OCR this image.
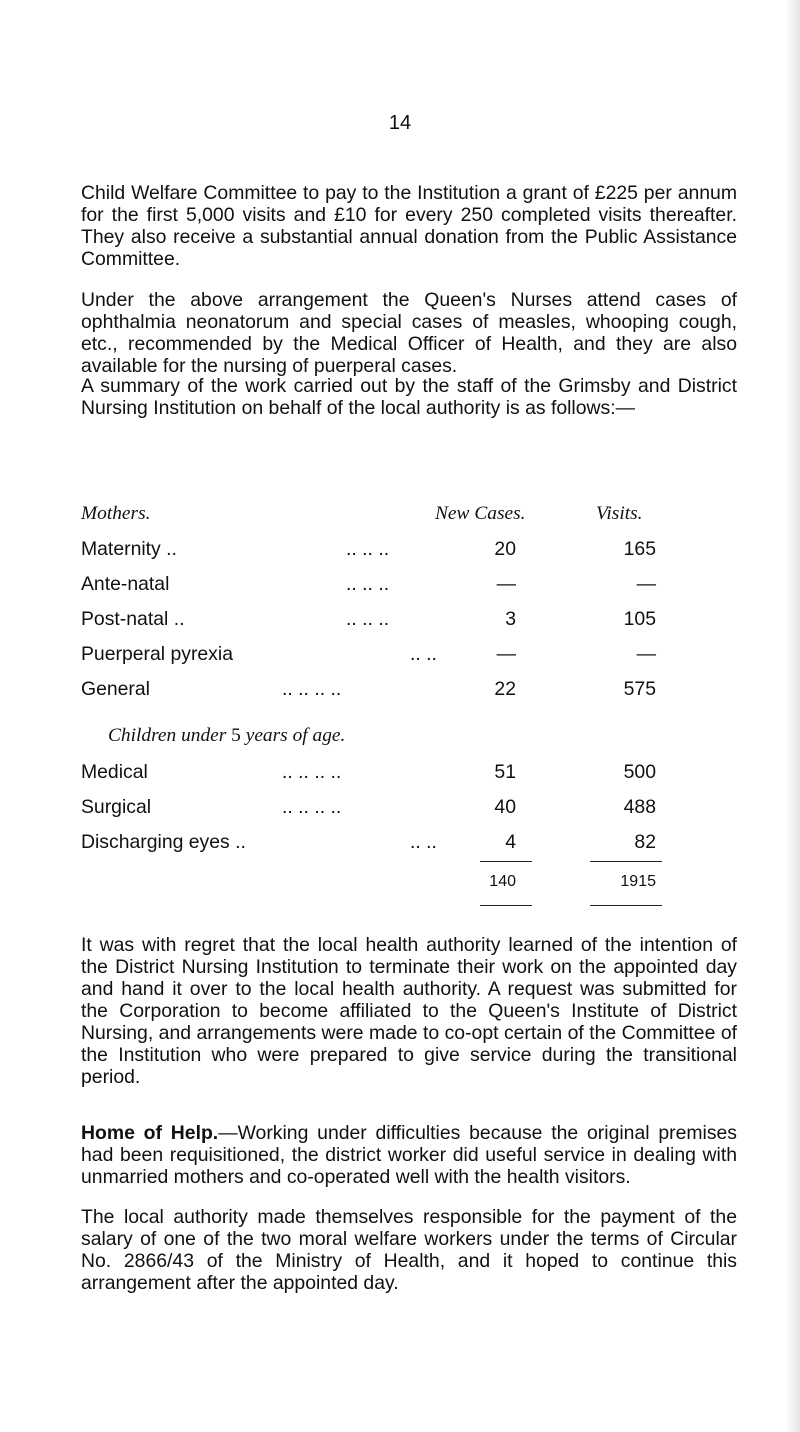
14

Child Welfare Committee to pay to the Institution a grant of £225 per annum for the first 5,000 visits and £10 for every 250 completed visits thereafter. They also receive a substantial annual donation from the Public Assistance Committee.

Under the above arrangement the Queen's Nurses attend cases of ophthalmia neonatorum and special cases of measles, whooping cough, etc., recommended by the Medical Officer of Health, and they are also available for the nursing of puerperal cases.

A summary of the work carried out by the staff of the Grimsby and District Nursing Institution on behalf of the local authority is as follows:—

Mothers.	New Cases.	Visits.
Maternity ..	.. .. ..	20	165
Ante-natal	.. .. ..	—	—
Post-natal ..	.. .. ..	3	105
Puerperal pyrexia	.. ..	—	—
General	.. .. .. ..	22	575
Children under 5 years of age.
Medical	.. .. .. ..	51	500
Surgical	.. .. .. ..	40	488
Discharging eyes ..	.. ..	4	82
140	1915

It was with regret that the local health authority learned of the intention of the District Nursing Institution to terminate their work on the appointed day and hand it over to the local health authority. A request was submitted for the Corporation to become affiliated to the Queen's Institute of District Nursing, and arrangements were made to co-opt certain of the Committee of the Institution who were prepared to give service during the transitional period.

Home of Help.—Working under difficulties because the original premises had been requisitioned, the district worker did useful service in dealing with unmarried mothers and co-operated well with the health visitors.

The local authority made themselves responsible for the payment of the salary of one of the two moral welfare workers under the terms of Circular No. 2866/43 of the Ministry of Health, and it hoped to continue this arrangement after the appointed day.
